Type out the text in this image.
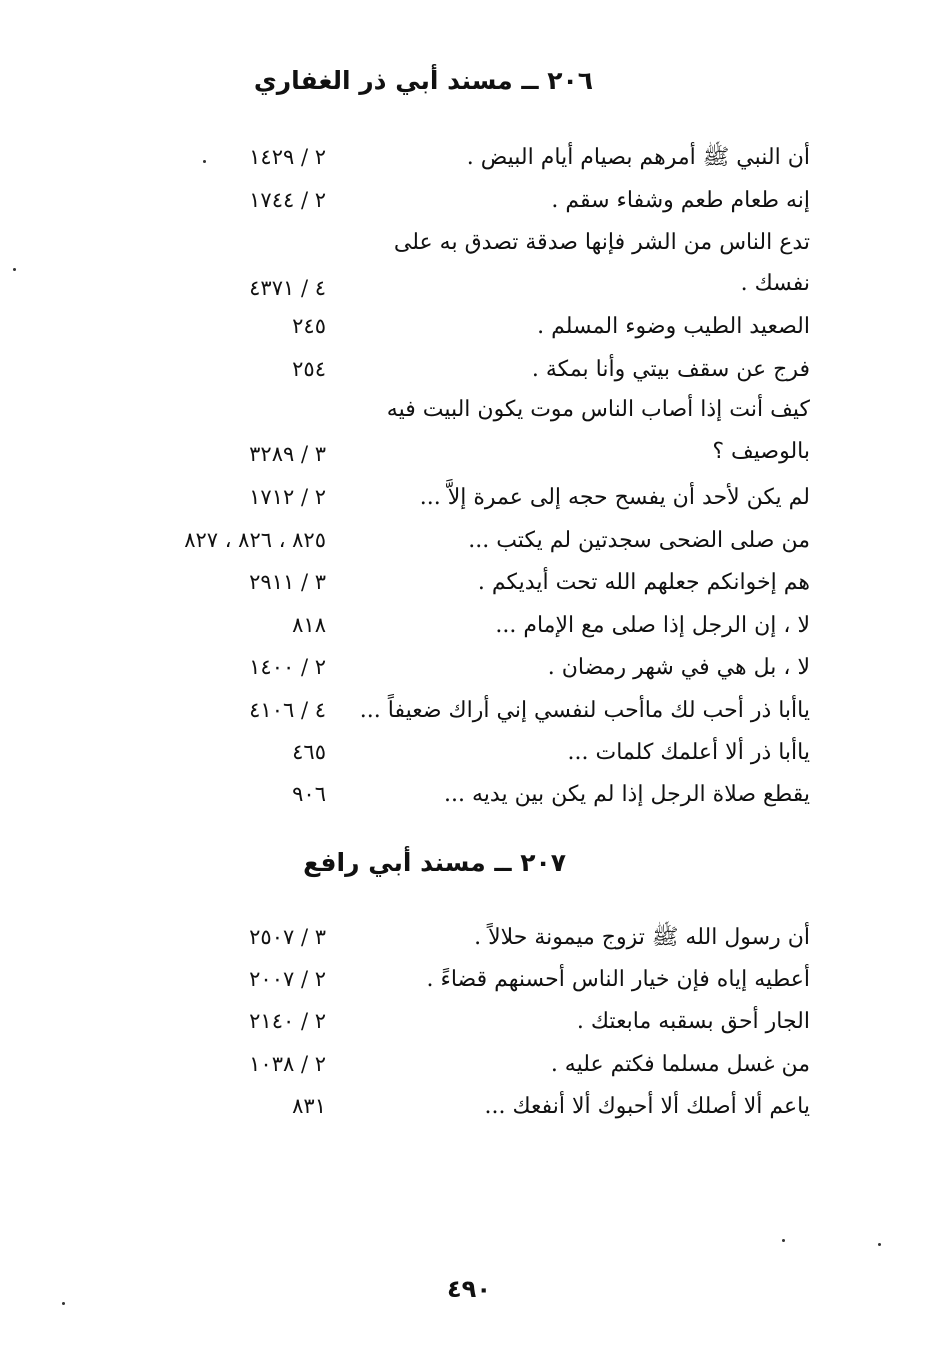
٢٠٦ ــ مسند أبي ذر الغفاري
أن النبي ﷺ أمرهم بصيام أيام البيض .
٢ / ١٤٢٩
إنه طعام طعم وشفاء سقم .
٢ / ١٧٤٤
تدع الناس من الشر فإنها صدقة تصدق به على نفسك .
٤ / ٤٣٧١
الصعيد الطيب وضوء المسلم .
٢٤٥
فرج عن سقف بيتي وأنا بمكة .
٢٥٤
كيف أنت إذا أصاب الناس موت يكون البيت فيه بالوصيف ؟
٣ / ٣٢٨٩
لم يكن لأحد أن يفسح حجه إلى عمرة إلاَّ ...
٢ / ١٧١٢
من صلى الضحى سجدتين لم يكتب ...
٨٢٥ ، ٨٢٦ ، ٨٢٧
هم إخوانكم جعلهم الله تحت أيديكم .
٣ / ٢٩١١
لا ، إن الرجل إذا صلى مع الإمام ...
٨١٨
لا ، بل هي في شهر رمضان .
٢ / ١٤٠٠
ياأبا ذر أحب لك ماأحب لنفسي إني أراك ضعيفاً ...
٤ / ٤١٠٦
ياأبا ذر ألا أعلمك كلمات ...
٤٦٥
يقطع صلاة الرجل إذا لم يكن بين يديه ...
٩٠٦
٢٠٧ ــ مسند أبي رافع
أن رسول الله ﷺ تزوج ميمونة حلالاً .
٣ / ٢٥٠٧
أعطيه إياه فإن خيار الناس أحسنهم قضاءً .
٢ / ٢٠٠٧
الجار أحق بسقبه مابعتك .
٢ / ٢١٤٠
من غسل مسلما فكتم عليه .
٢ / ١٠٣٨
ياعم ألا أصلك ألا أحبوك ألا أنفعك ...
٨٣١
٤٩٠
